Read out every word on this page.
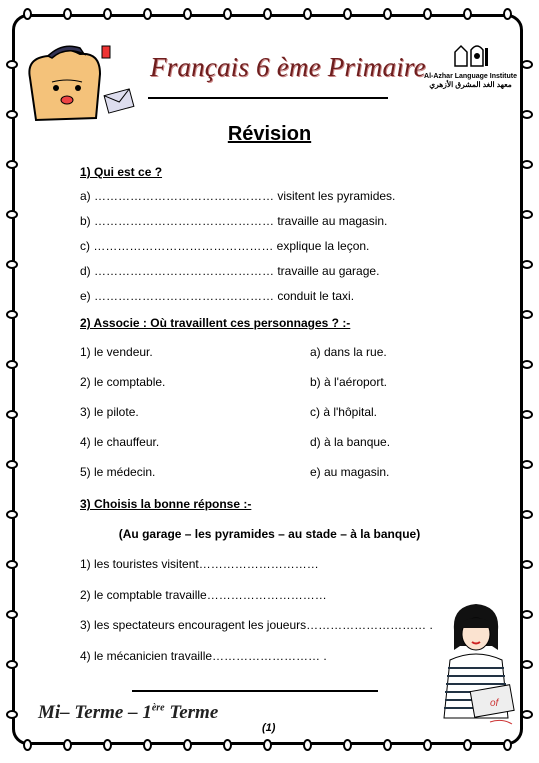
Français 6 ème Primaire
Al-Azhar Language Institute
معهد الغد المشرق الأزهري
Révision
1) Qui est ce ?
a) ……………………………………… visitent les pyramides.
b) ……………………………………… travaille au magasin.
c) ……………………………………… explique la leçon.
d) ……………………………………… travaille au garage.
e) ……………………………………… conduit le taxi.
2) Associe : Où travaillent ces personnages ? :-
1) le vendeur.
2) le comptable.
3) le pilote.
4) le chauffeur.
5) le médecin.
a) dans la rue.
b) à l'aéroport.
c) à l'hôpital.
d) à la banque.
e) au magasin.
3) Choisis la bonne réponse :-
(Au garage – les pyramides – au stade – à la banque)
1) les touristes visitent…………………………
2) le comptable travaille…………………………
3) les spectateurs encouragent les joueurs………………………… .
4) le mécanicien travaille……………………… .
of
Mi– Terme – 1ère Terme
(1)
